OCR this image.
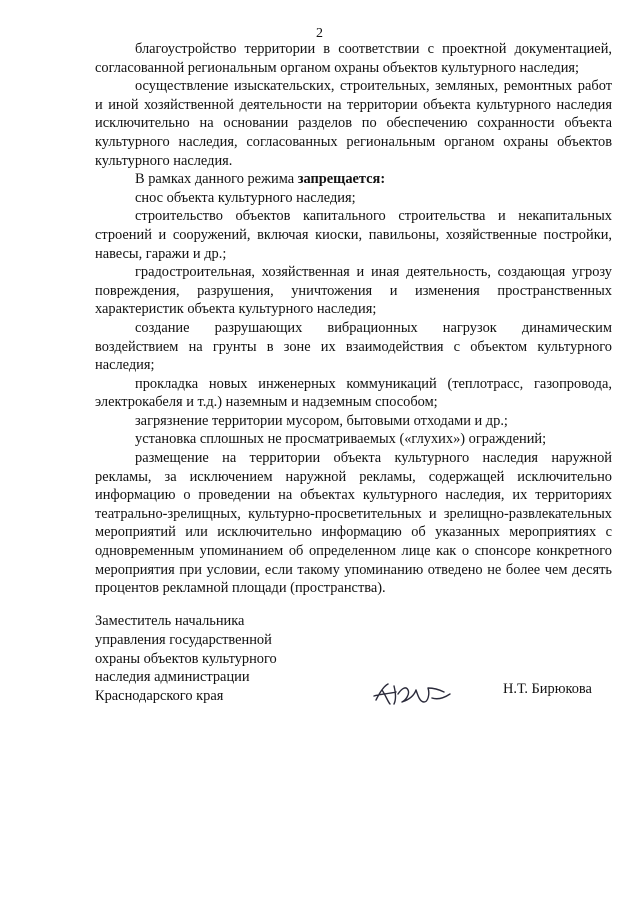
2

благоустройство территории в соответствии с проектной документацией, согласованной региональным органом охраны объектов культурного наследия;

осуществление изыскательских, строительных, земляных, ремонтных работ и иной хозяйственной деятельности на территории объекта культурного наследия исключительно на основании разделов по обеспечению сохранности объекта культурного наследия, согласованных региональным органом охраны объектов культурного наследия.

В рамках данного режима запрещается:

снос объекта культурного наследия;

строительство объектов капитального строительства и некапитальных строений и сооружений, включая киоски, павильоны, хозяйственные постройки, навесы, гаражи и др.;

градостроительная, хозяйственная и иная деятельность, создающая угрозу повреждения, разрушения, уничтожения и изменения пространственных характеристик объекта культурного наследия;

создание разрушающих вибрационных нагрузок динамическим воздействием на грунты в зоне их взаимодействия с объектом культурного наследия;

прокладка новых инженерных коммуникаций (теплотрасс, газопровода, электрокабеля и т.д.) наземным и надземным способом;

загрязнение территории мусором, бытовыми отходами и др.;

установка сплошных не просматриваемых («глухих») ограждений;

размещение на территории объекта культурного наследия наружной рекламы, за исключением наружной рекламы, содержащей исключительно информацию о проведении на объектах культурного наследия, их территориях театрально-зрелищных, культурно-просветительных и зрелищно-развлекательных мероприятий или исключительно информацию об указанных мероприятиях с одновременным упоминанием об определенном лице как о спонсоре конкретного мероприятия при условии, если такому упоминанию отведено не более чем десять процентов рекламной площади (пространства).

Заместитель начальника
управления государственной
охраны объектов культурного
наследия администрации
Краснодарского края	Н.Т. Бирюкова
